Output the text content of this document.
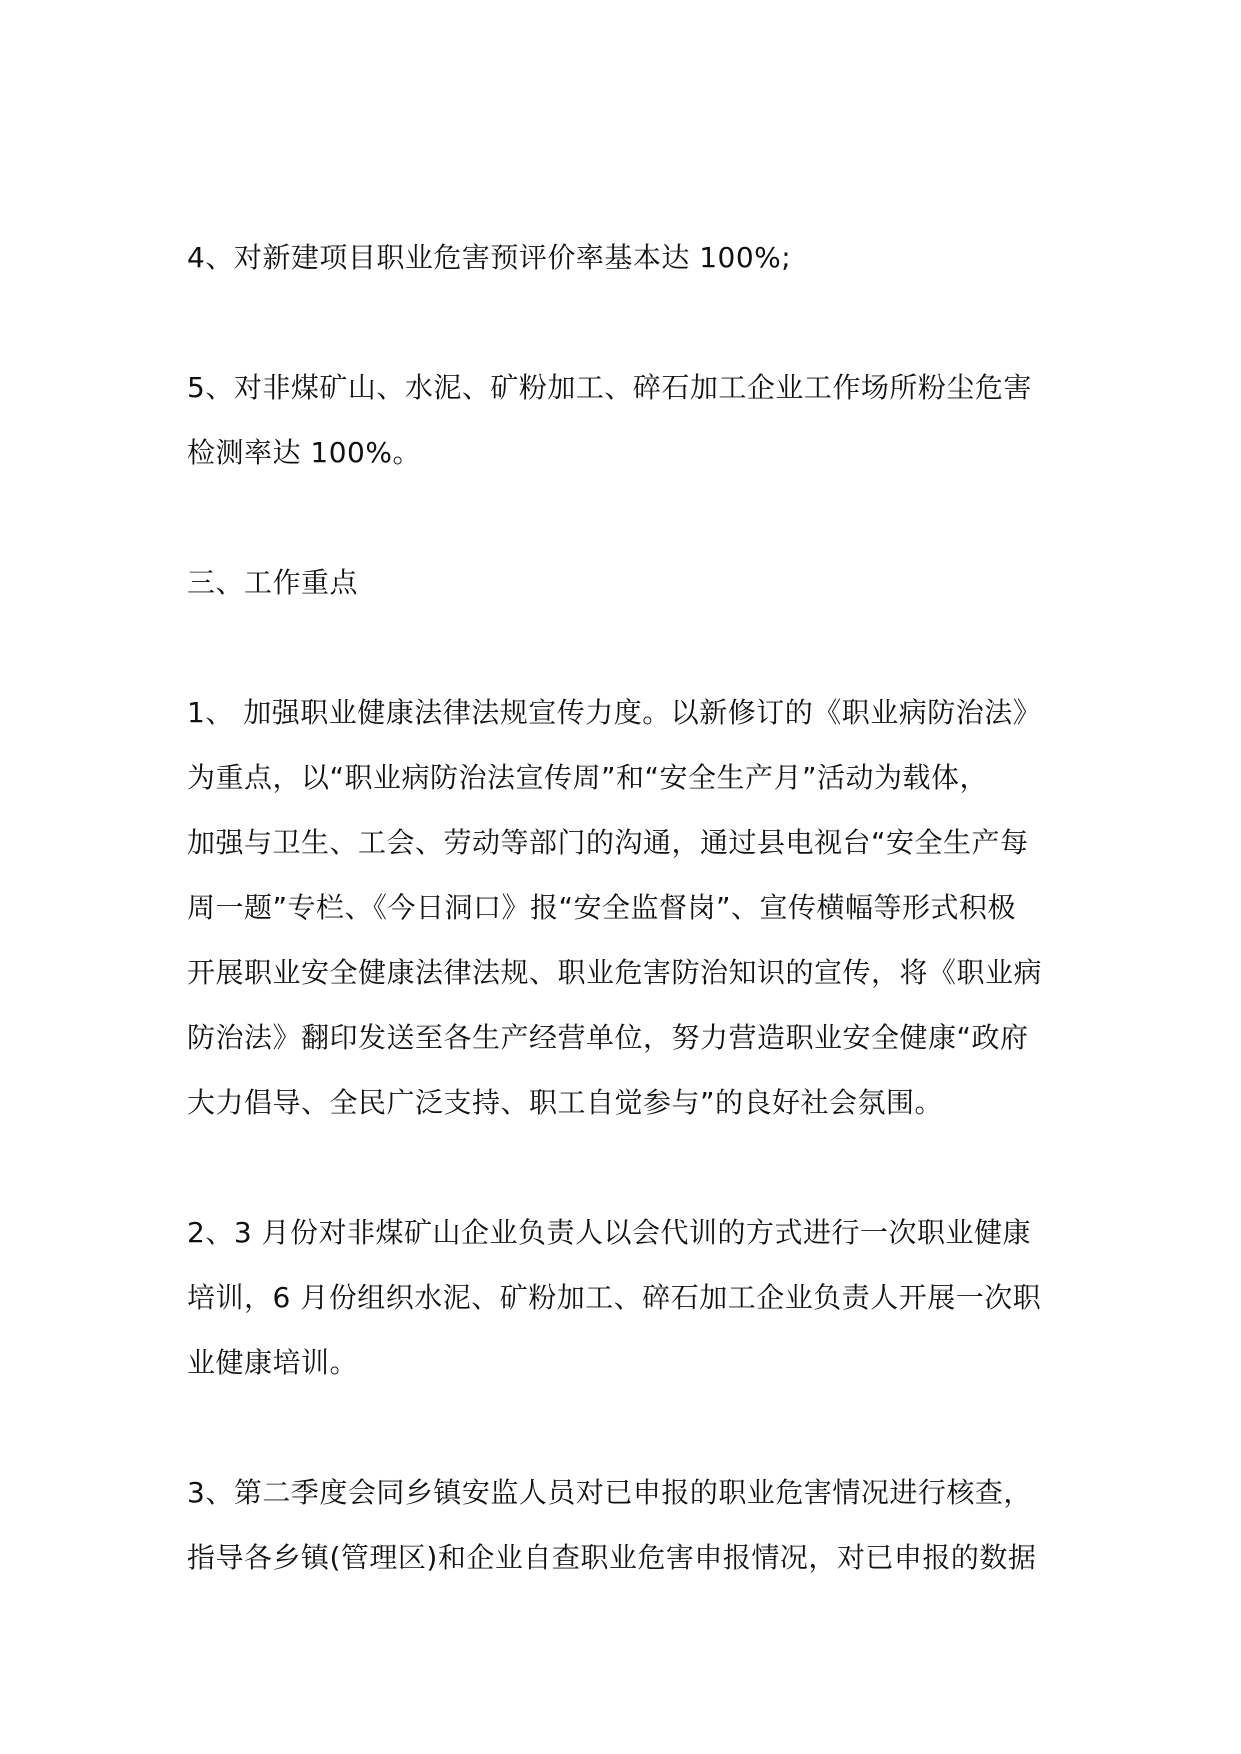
4、对新建项目职业危害预评价率基本达 100%;

5、对非煤矿山、水泥、矿粉加工、碎石加工企业工作场所粉尘危害
检测率达 100%。

三、工作重点

1、 加强职业健康法律法规宣传力度。以新修订的《职业病防治法》
为重点，以“职业病防治法宣传周”和“安全生产月”活动为载体，
加强与卫生、工会、劳动等部门的沟通，通过县电视台“安全生产每
周一题”专栏、《今日洞口》报“安全监督岗”、宣传横幅等形式积极
开展职业安全健康法律法规、职业危害防治知识的宣传，将《职业病
防治法》翻印发送至各生产经营单位，努力营造职业安全健康“政府
大力倡导、全民广泛支持、职工自觉参与”的良好社会氛围。

2、3 月份对非煤矿山企业负责人以会代训的方式进行一次职业健康
培训，6 月份组织水泥、矿粉加工、碎石加工企业负责人开展一次职
业健康培训。

3、第二季度会同乡镇安监人员对已申报的职业危害情况进行核查，
指导各乡镇(管理区)和企业自查职业危害申报情况，对已申报的数据
